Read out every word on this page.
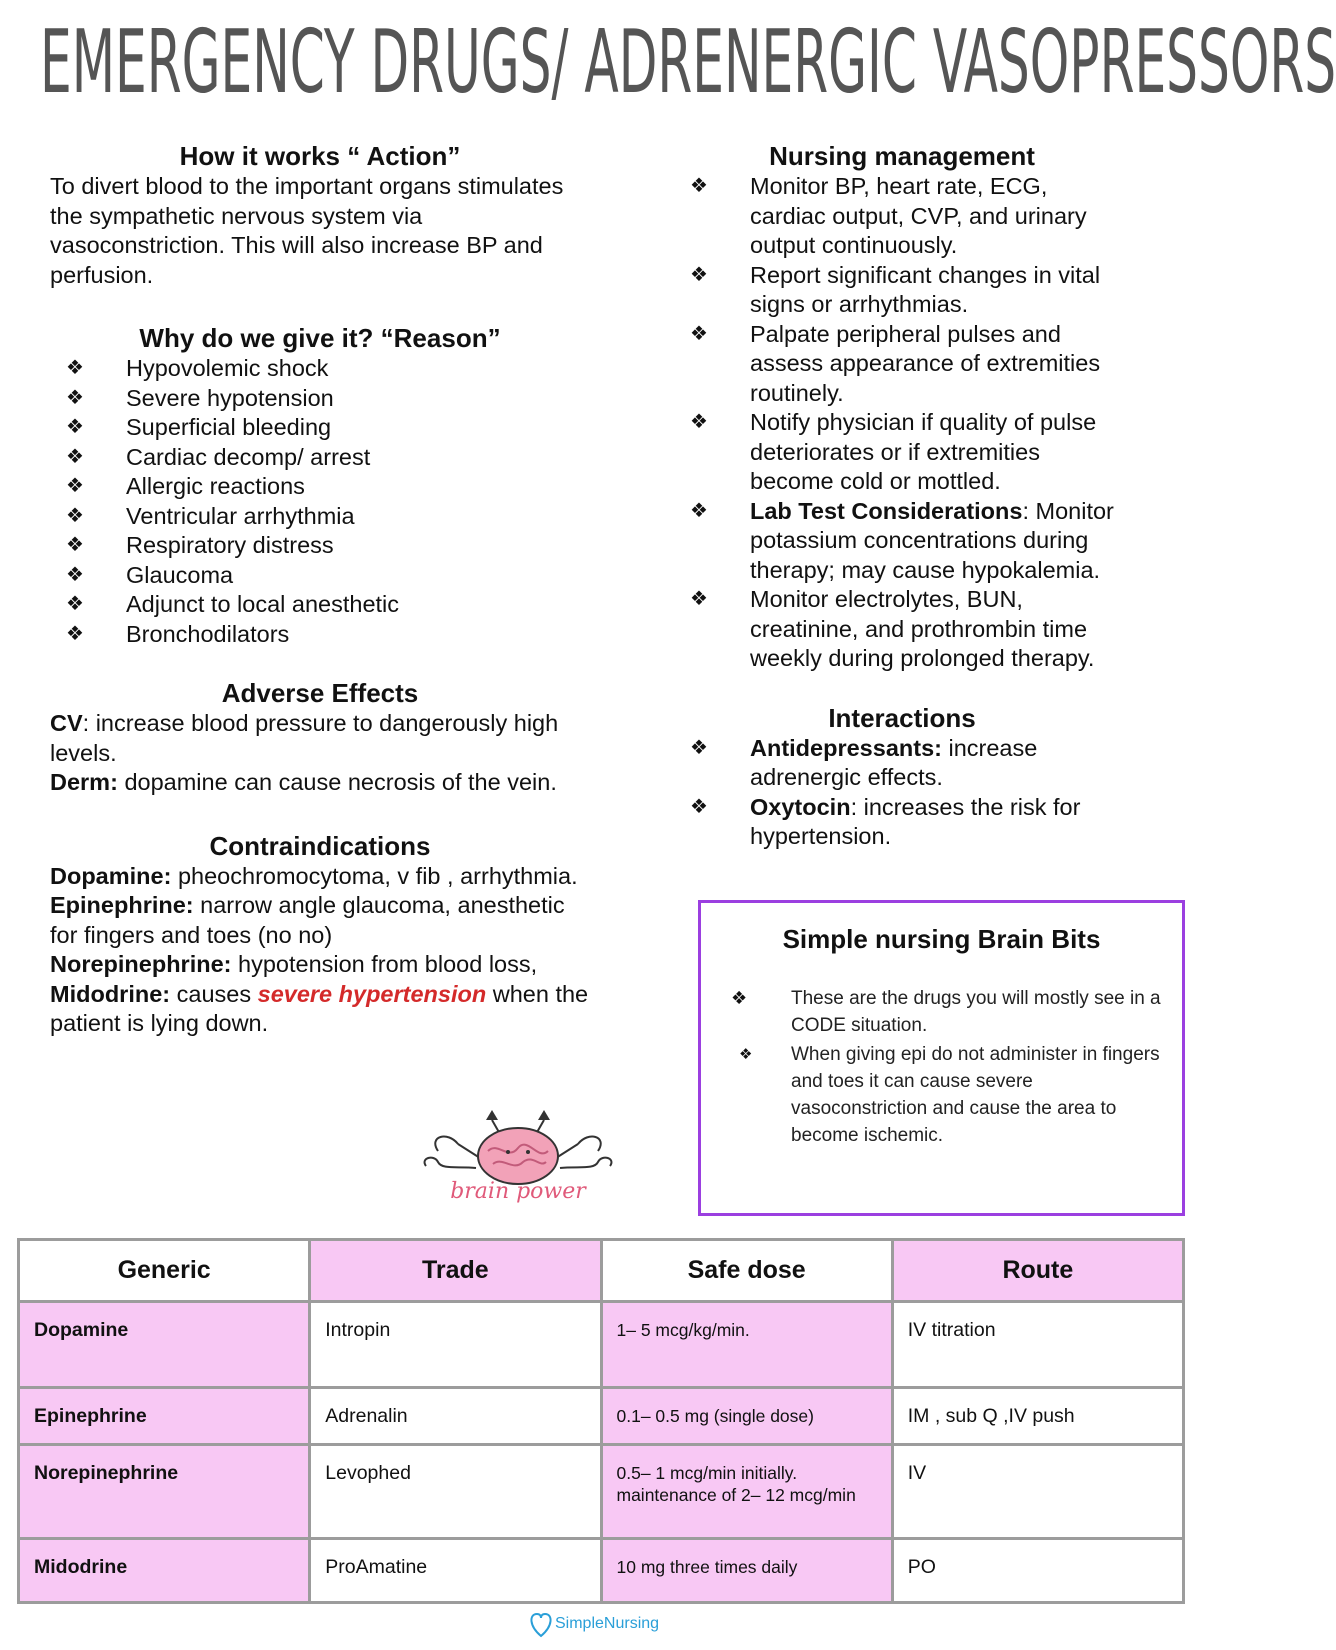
EMERGENCY DRUGS/ ADRENERGIC VASOPRESSORS
How it works “ Action”
To divert blood to the important organs stimulates the sympathetic nervous system via vasoconstriction. This will also increase BP and perfusion.
Why do we give it? “Reason”
❖ Hypovolemic shock
❖ Severe hypotension
❖ Superficial bleeding
❖ Cardiac decomp/ arrest
❖ Allergic reactions
❖ Ventricular arrhythmia
❖ Respiratory distress
❖ Glaucoma
❖ Adjunct to local anesthetic
❖ Bronchodilators
Adverse Effects
CV: increase blood pressure to dangerously high levels.
Derm: dopamine can cause necrosis of the vein.
Contraindications
Dopamine: pheochromocytoma, v fib , arrhythmia.
Epinephrine: narrow angle glaucoma, anesthetic for fingers and toes (no no)
Norepinephrine: hypotension from blood loss,
Midodrine: causes severe hypertension when the patient is lying down.
Nursing management
❖ Monitor BP, heart rate, ECG, cardiac output, CVP, and urinary output continuously.
❖ Report significant changes in vital signs or arrhythmias.
❖ Palpate peripheral pulses and assess appearance of extremities routinely.
❖ Notify physician if quality of pulse deteriorates or if extremities become cold or mottled.
❖ Lab Test Considerations: Monitor potassium concentrations during therapy; may cause hypokalemia.
❖ Monitor electrolytes, BUN, creatinine, and prothrombin time weekly during prolonged therapy.
Interactions
❖ Antidepressants: increase adrenergic effects.
❖ Oxytocin: increases the risk for hypertension.
Simple nursing Brain Bits
❖ These are the drugs you will mostly see in a CODE situation.
❖ When giving epi do not administer in fingers and toes it can cause severe vasoconstriction and cause the area to become ischemic.
brain power
Generic	Trade	Safe dose	Route
Dopamine	Intropin	1– 5 mcg/kg/min.	IV titration
Epinephrine	Adrenalin	0.1– 0.5 mg (single dose)	IM , sub Q ,IV push
Norepinephrine	Levophed	0.5– 1 mcg/min initially. maintenance of 2– 12 mcg/min	IV
Midodrine	ProAmatine	10 mg three times daily	PO
SimpleNursing
